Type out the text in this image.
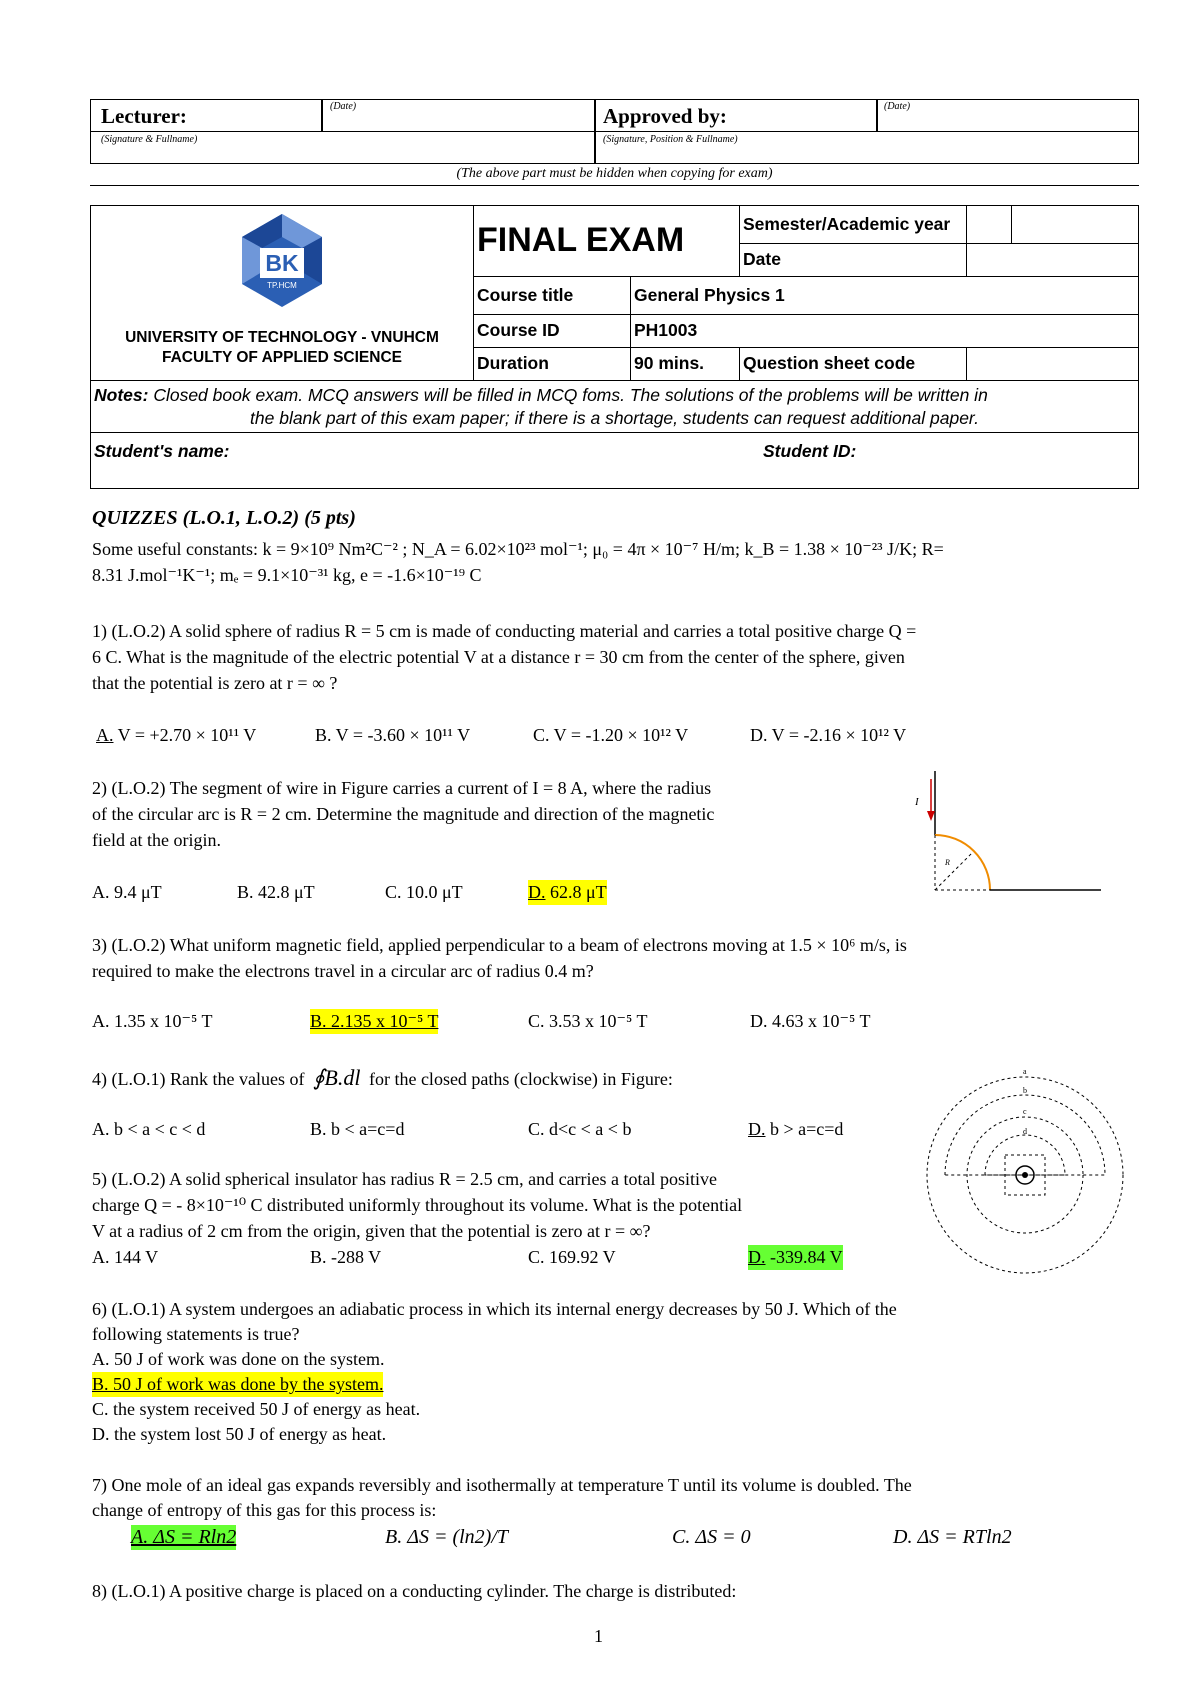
Lecturer:	(Date)
(Signature & Fullname)
Approved by:	(Date)
(Signature, Position & Fullname)
(The above part must be hidden when copying for exam)
BK
TP.HCM
UNIVERSITY OF TECHNOLOGY - VNUHCM
FACULTY OF APPLIED SCIENCE	FINAL EXAM		Semester/Academic year		
			Date		
	Course title	General Physics 1			
	Course ID	PH1003			
	Duration	90 mins.	Question sheet code		

Notes: Closed book exam. MCQ answers will be filled in MCQ foms. The solutions of the problems will be written in
the blank part of this exam paper; if there is a shortage, students can request additional paper.					

Student's name: Student ID:					
QUIZZES (L.O.1, L.O.2) (5 pts)
Some useful constants: k = 9×10⁹ Nm²C⁻² ; N_A = 6.02×10²³ mol⁻¹; μ₀ = 4π × 10⁻⁷ H/m; k_B = 1.38 × 10⁻²³ J/K; R=
8.31 J.mol⁻¹K⁻¹; mₑ = 9.1×10⁻³¹ kg, e = -1.6×10⁻¹⁹ C
1) (L.O.2) A solid sphere of radius R = 5 cm is made of conducting material and carries a total positive charge Q =
6 C. What is the magnitude of the electric potential V at a distance r = 30 cm from the center of the sphere, given
that the potential is zero at r = ∞ ?
A. V = +2.70 × 10¹¹ V	B. V = -3.60 × 10¹¹ V	C. V = -1.20 × 10¹² V	D. V = -2.16 × 10¹² V
2) (L.O.2) The segment of wire in Figure carries a current of I = 8 A, where the radius
of the circular arc is R = 2 cm. Determine the magnitude and direction of the magnetic
field at the origin.
A. 9.4 μT	B. 42.8 μT	C. 10.0 μT	D. 62.8 μT
I
R
3) (L.O.2) What uniform magnetic field, applied perpendicular to a beam of electrons moving at 1.5 × 10⁶ m/s, is
required to make the electrons travel in a circular arc of radius 0.4 m?
A. 1.35 x 10⁻⁵ T	B. 2.135 x 10⁻⁵ T	C. 3.53 x 10⁻⁵ T	D. 4.63 x 10⁻⁵ T
4) (L.O.1) Rank the values of ∮B.dl for the closed paths (clockwise) in Figure:
A. b < a < c < d	B. b < a=c=d	C. d<c < a < b	D. b > a=c=d
a
b
c
d
5) (L.O.2) A solid spherical insulator has radius R = 2.5 cm, and carries a total positive
charge Q = - 8×10⁻¹⁰ C distributed uniformly throughout its volume. What is the potential
V at a radius of 2 cm from the origin, given that the potential is zero at r = ∞?
A. 144 V	B. -288 V	C. 169.92 V	D. -339.84 V
6) (L.O.1) A system undergoes an adiabatic process in which its internal energy decreases by 50 J. Which of the
following statements is true?
A. 50 J of work was done on the system.
B. 50 J of work was done by the system.
C. the system received 50 J of energy as heat.
D. the system lost 50 J of energy as heat.
7) One mole of an ideal gas expands reversibly and isothermally at temperature T until its volume is doubled. The
change of entropy of this gas for this process is:
A. ΔS = Rln2	B. ΔS = (ln2)/T	C. ΔS = 0	D. ΔS = RTln2
8) (L.O.1) A positive charge is placed on a conducting cylinder. The charge is distributed:
1
